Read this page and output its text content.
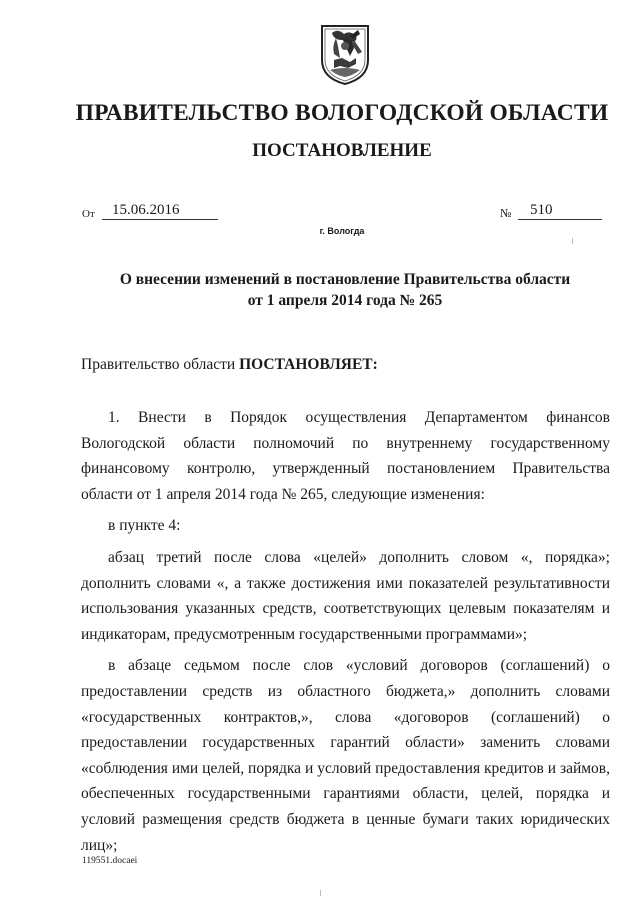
ПРАВИТЕЛЬСТВО ВОЛОГОДСКОЙ ОБЛАСТИ
ПОСТАНОВЛЕНИЕ
От	15.06.2016	№	510
г. Вологда
О внесении изменений в постановление Правительства области
от 1 апреля 2014 года № 265
Правительство области ПОСТАНОВЛЯЕТ:

1. Внести в Порядок осуществления Департаментом финансов Вологодской области полномочий по внутреннему государственному финансовому контролю, утвержденный постановлением Правительства области от 1 апреля 2014 года № 265, следующие изменения:

в пункте 4:

абзац третий после слова «целей» дополнить словом «, порядка»; дополнить словами «, а также достижения ими показателей результативности использования указанных средств, соответствующих целевым показателям и индикаторам, предусмотренным государственными программами»;

в абзаце седьмом после слов «условий договоров (соглашений) о предоставлении средств из областного бюджета,» дополнить словами «государственных контрактов,», слова «договоров (соглашений) о предоставлении государственных гарантий области» заменить словами «соблюдения ими целей, порядка и условий предоставления кредитов и займов, обеспеченных государственными гарантиями области, целей, порядка и условий размещения средств бюджета в ценные бумаги таких юридических лиц»;

119551.docaei
